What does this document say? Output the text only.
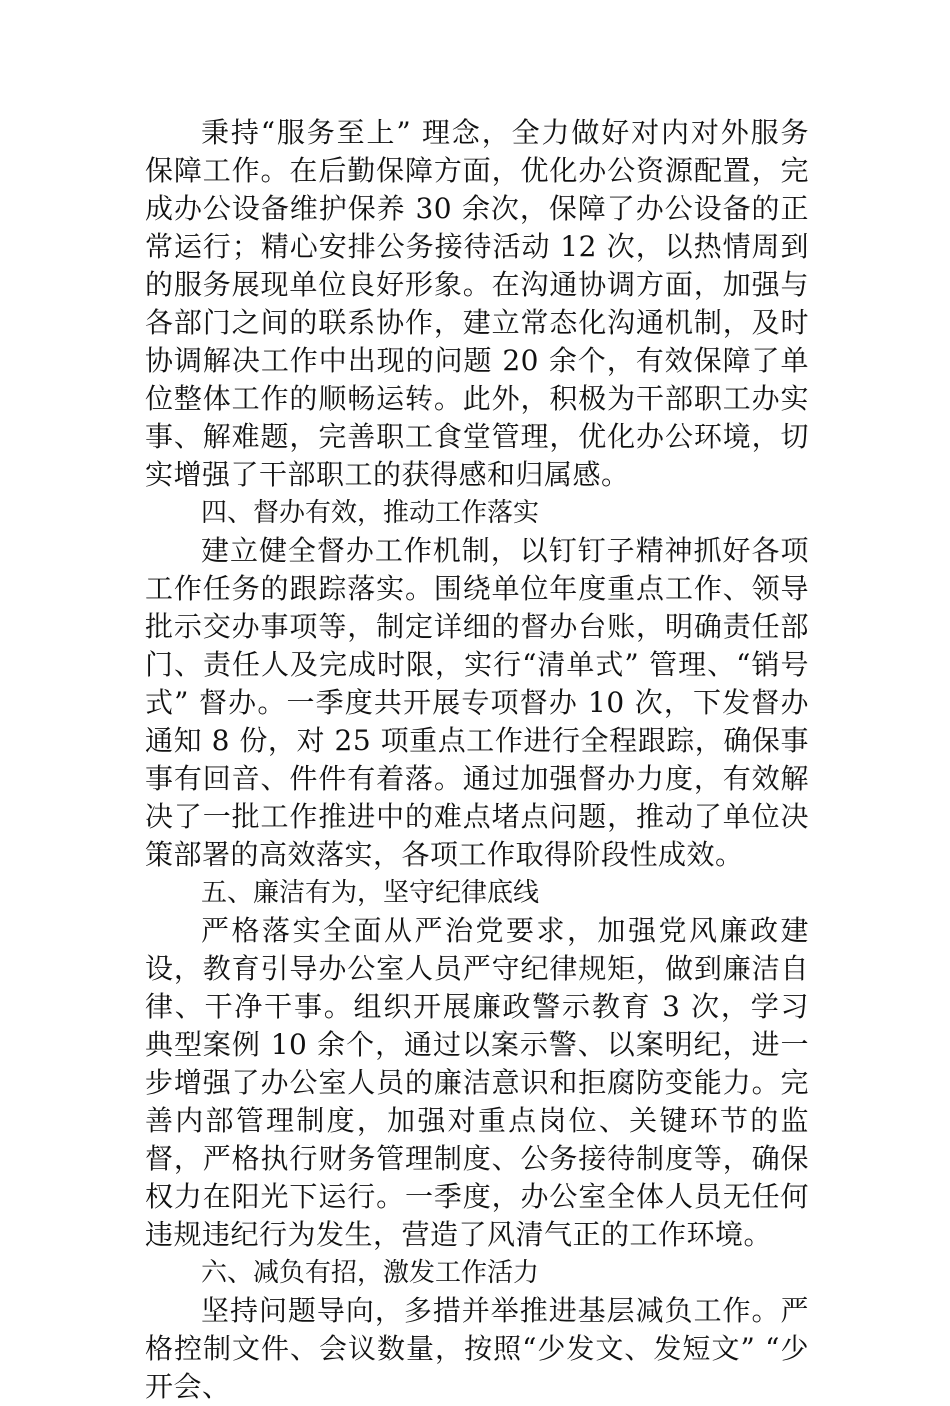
秉持“服务至上” 理念，全力做好对内对外服务保障工作。在后勤保障方面，优化办公资源配置，完成办公设备维护保养 30 余次，保障了办公设备的正常运行；精心安排公务接待活动 12 次，以热情周到的服务展现单位良好形象。在沟通协调方面，加强与各部门之间的联系协作，建立常态化沟通机制，及时协调解决工作中出现的问题 20 余个，有效保障了单位整体工作的顺畅运转。此外，积极为干部职工办实事、解难题，完善职工食堂管理，优化办公环境，切实增强了干部职工的获得感和归属感。

四、督办有效，推动工作落实

建立健全督办工作机制，以钉钉子精神抓好各项工作任务的跟踪落实。围绕单位年度重点工作、领导批示交办事项等，制定详细的督办台账，明确责任部门、责任人及完成时限，实行“清单式” 管理、“销号式” 督办。一季度共开展专项督办 10 次，下发督办通知 8 份，对 25 项重点工作进行全程跟踪，确保事事有回音、件件有着落。通过加强督办力度，有效解决了一批工作推进中的难点堵点问题，推动了单位决策部署的高效落实，各项工作取得阶段性成效。

五、廉洁有为，坚守纪律底线

严格落实全面从严治党要求，加强党风廉政建设，教育引导办公室人员严守纪律规矩，做到廉洁自律、干净干事。组织开展廉政警示教育 3 次，学习典型案例 10 余个，通过以案示警、以案明纪，进一步增强了办公室人员的廉洁意识和拒腐防变能力。完善内部管理制度，加强对重点岗位、关键环节的监督，严格执行财务管理制度、公务接待制度等，确保权力在阳光下运行。一季度，办公室全体人员无任何违规违纪行为发生，营造了风清气正的工作环境。

六、减负有招，激发工作活力

坚持问题导向，多措并举推进基层减负工作。严格控制文件、会议数量，按照“少发文、发短文” “少开会、
